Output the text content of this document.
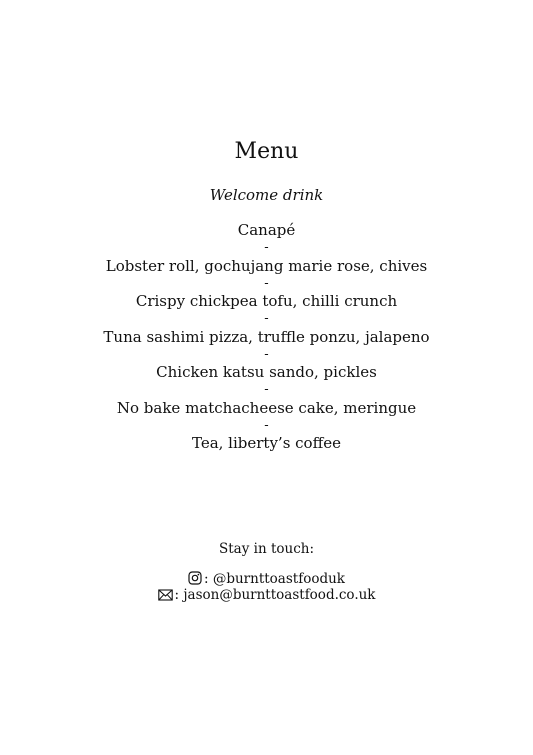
Menu
Welcome drink
Canapé
-
Lobster roll, gochujang marie rose, chives
-
Crispy chickpea tofu, chilli crunch
-
Tuna sashimi pizza, truffle ponzu, jalapeno
-
Chicken katsu sando, pickles
-
No bake matchacheese cake, meringue
-
Tea, liberty’s coffee
Stay in touch:
: @burnttoastfooduk
: jason@burnttoastfood.co.uk
